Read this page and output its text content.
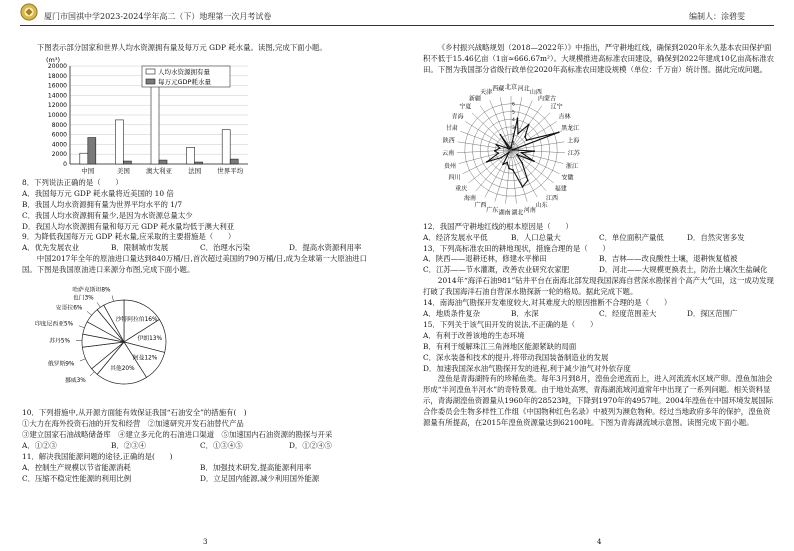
厦门市国祺中学2023-2024学年高二（下）地理第一次月考试卷	编制人：涂碧雯

下图表示部分国家和世界人均水资源拥有量及每万元 GDP 耗水量。读图,完成下面小题。

(m³)
20000
18000
16000
14000
12000
10000
8000
6000
4000
2000
0
中国	美国 澳大利亚 法国 世界平均
人均水资源拥有量
每万元GDP耗水量

8．下列说法正确的是（　　）

A．我国每万元 GDP 耗水量将近美国的 10 倍

B．我国人均水资源拥有量为世界平均水平的 1/7

C．我国人均水资源拥有量少,是因为水资源总量太少

D．我国人均水资源拥有量和每万元 GDP 耗水量均低于澳大利亚

9．为降低我国每万元 GDP 耗水量,应采取的主要措施是（　　）

A．优先发展农业	B．限制城市发展	C．治理水污染	D．提高水资源利用率

中国2017年全年的原油进口量达到840万桶/日,首次超过美国的790万桶/日,成为全球第一大原油进口国。下图是我国原油进口来源分布图,完成下面小题。

沙特阿拉伯16%
伊朗13%
阿曼12%
其他20%
挪威3%
俄罗斯9%
苏丹5%
印度尼西亚5%
安哥拉6%
也门3%
哈萨克斯坦8%

10．下列措施中,从开源方面能有效保证我国“石油安全”的措施有(　)

①大力在海外投资石油的开发和经营　②加速研究开发石油替代产品

③建立国家石油战略储备库　④建立多元化的石油进口渠道　⑤加速国内石油资源的勘探与开采

A．①②③	B．②③④	C．①③④⑤	D．①②④⑤

11．解决我国能源问题的途径,正确的是(　　)

A．控制生产规模以节省能源消耗	B．加强技术研发,提高能源利用率

C．压缩不稳定性能源的利用比例	D．立足国内能源,减少利用国外能源

《乡村振兴战略规划（2018—2022年）》中指出，严守耕地红线，确保到2020年永久基本农田保护面积不低于15.46亿亩（1亩≈666.67m²）。大规模推进高标准农田建设，确保到2022年建成10亿亩高标准农田。下图为我国部分省级行政单位2020年高标准农田建设规模（单位：千万亩）统计图。据此完成问题。

北京 河北
山西
内蒙古
辽宁
吉林
黑龙江
上海
江苏
浙江
安徽
福建
江西
山东
河南
湖北
湖南
广东
广西
海南
重庆
四川
贵州
云南
陕西
甘肃
青海
宁夏
新疆
天津
西藏
1
2
3
4
5
6

12．我国严守耕地红线的根本原因是（　　）

A．经济发展水平低	B．人口总量大	C．单位面积产量低	D．自然灾害多发

13．下列高标准农田的耕地现状，措施合理的是（　　）

A．陕西——退耕还林，修建水平梯田	B．吉林——改良酸性土壤，退耕恢复植被

C．江苏——节水灌溉，改善农业研究农家肥	D．河北——大规模更换表土，防治土壤次生盐碱化

2014年“海洋石油981”钻井平台在南海北部发现我国深海自营深水勘探首个高产大气田，这一成功发现打破了我国海洋石油自营深水勘探新一轮的格局。据此完成下题。

14．南海油气勘探开发难度较大,对其难度大的原因推断不合理的是（　　）

A．地质条件复杂	B．水深	C．经度范围差大	D．探区范围广

15．下列关于该气田开发的说法,不正确的是（　　）

A．有利于改善该地的生态环境

B．有利于缓解珠江三角洲地区能源紧缺的局面

C．深水装备和技术的提升,将带动我国装备制造业的发展

D．加速我国深水油气勘探开发的进程,利于减少油气对外依存度

湟鱼是青海湖特有的珍稀鱼类。每年3月到8月，湟鱼会逆流而上，进入河流流水区域产卵。湟鱼加油会形成“半河湟鱼半河水”的奇特景观。由于地处高寒，青海湖流域河道常年中出现了一系列问题。相关资料显示，青海湖湟鱼资源量从1960年的28523吨，下降到1970年的4957吨。2004年湟鱼在中国环境发展国际合作委员会生物多样性工作组《中国物种红色名录》中被列为濒危物种。经过当地政府多年的保护，湟鱼资源量有所提高，在2015年湟鱼资源量达到62100吨。下图为青海湖流域示意图。读图完成下面小题。

3	4
